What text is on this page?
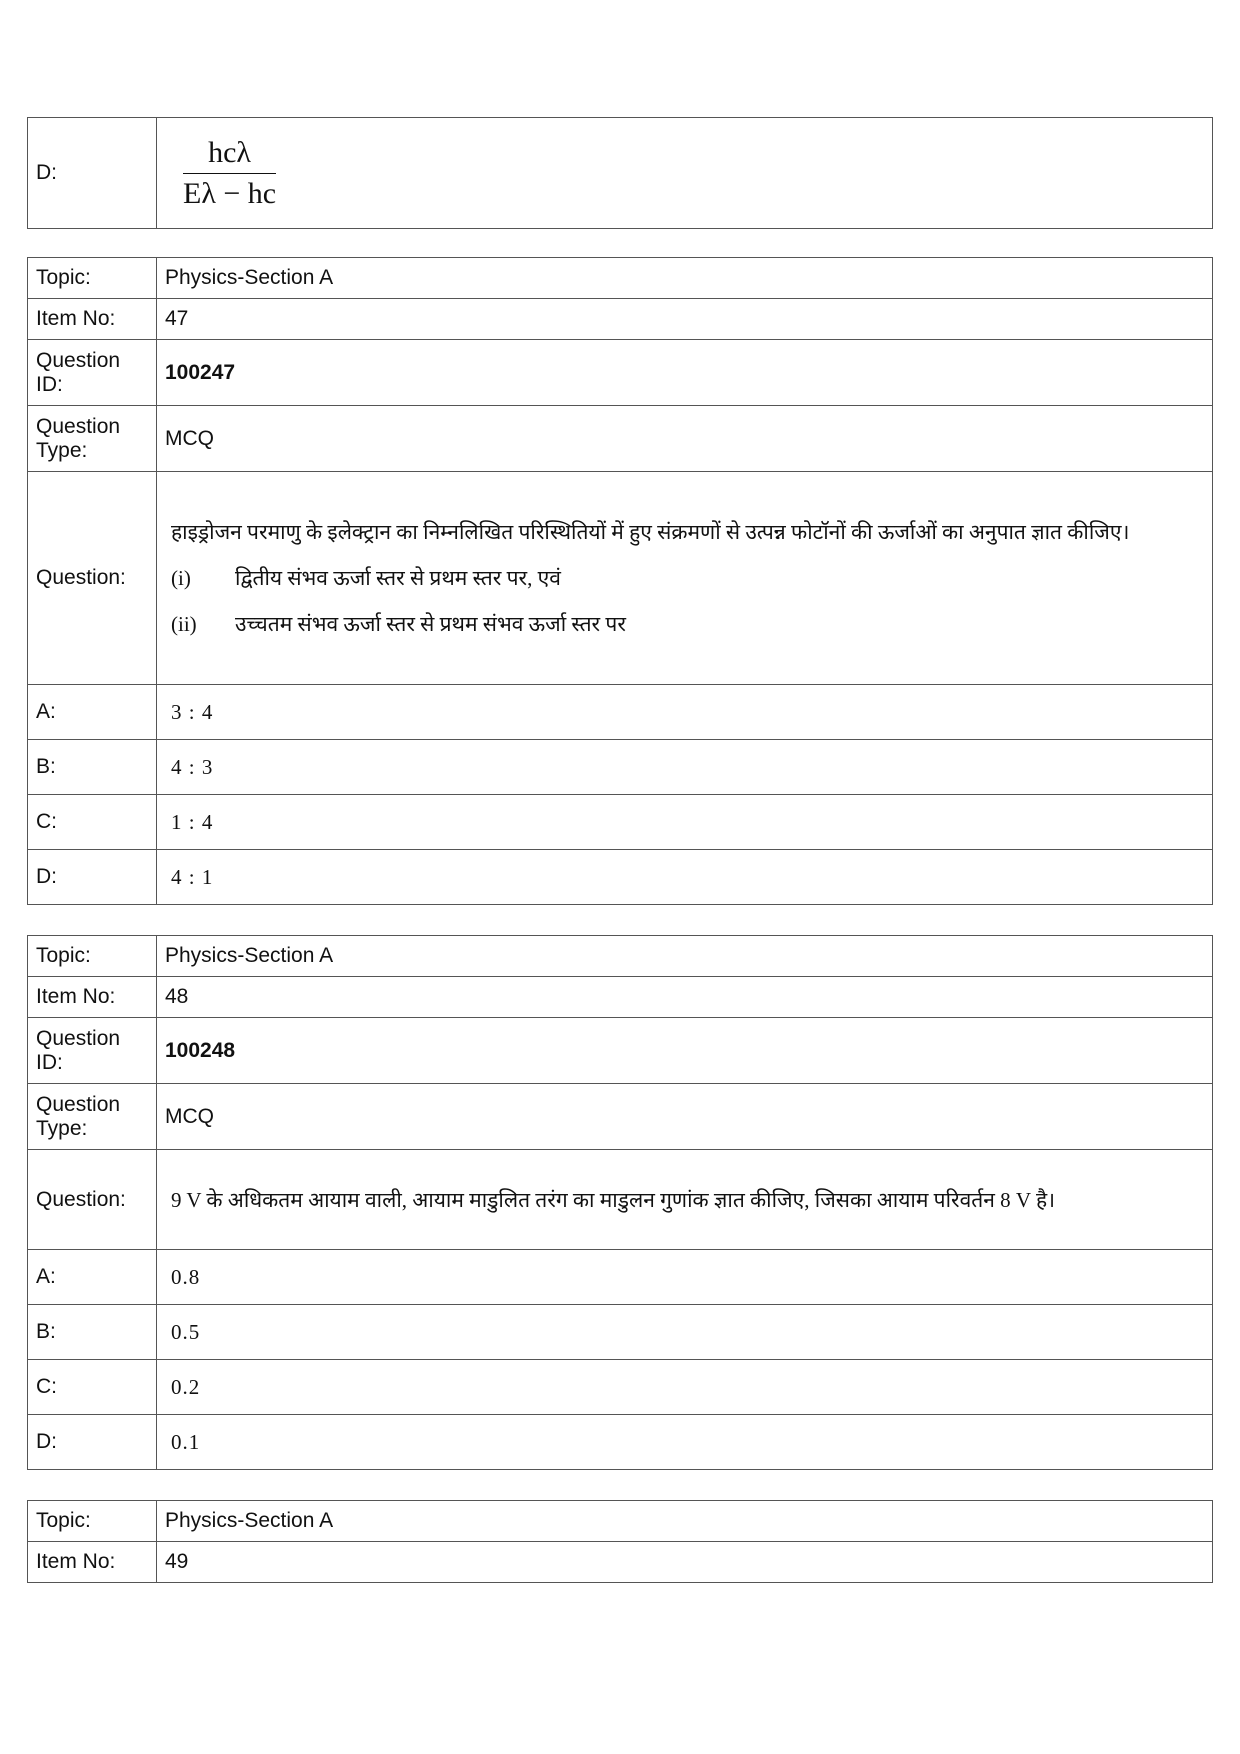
D:	$\frac{\text{hcλ}}{E\lambda - hc}$
Topic:	Physics-Section A
Item No:	47
Question ID:	100247
Question Type:	MCQ
Question:	हाइड्रोजन परमाणु के इलेक्ट्रान का निम्नलिखित परिस्थितियों में हुए संक्रमणों से उत्पन्न फोटॉनों की ऊर्जाओं का अनुपात ज्ञात कीजिए।
(i) द्वितीय संभव ऊर्जा स्तर से प्रथम स्तर पर, एवं
(ii) उच्चतम संभव ऊर्जा स्तर से प्रथम संभव ऊर्जा स्तर पर

A:	3 : 4
B:	4 : 3
C:	1 : 4
D:	4 : 1
Topic:	Physics-Section A
Item No:	48
Question ID:	100248
Question Type:	MCQ
Question:	9 V के अधिकतम आयाम वाली, आयाम माडुलित तरंग का माडुलन गुणांक ज्ञात कीजिए, जिसका आयाम परिवर्तन 8 V है।
A:	0.8
B:	0.5
C:	0.2
D:	0.1
Topic:	Physics-Section A
Item No:	49
